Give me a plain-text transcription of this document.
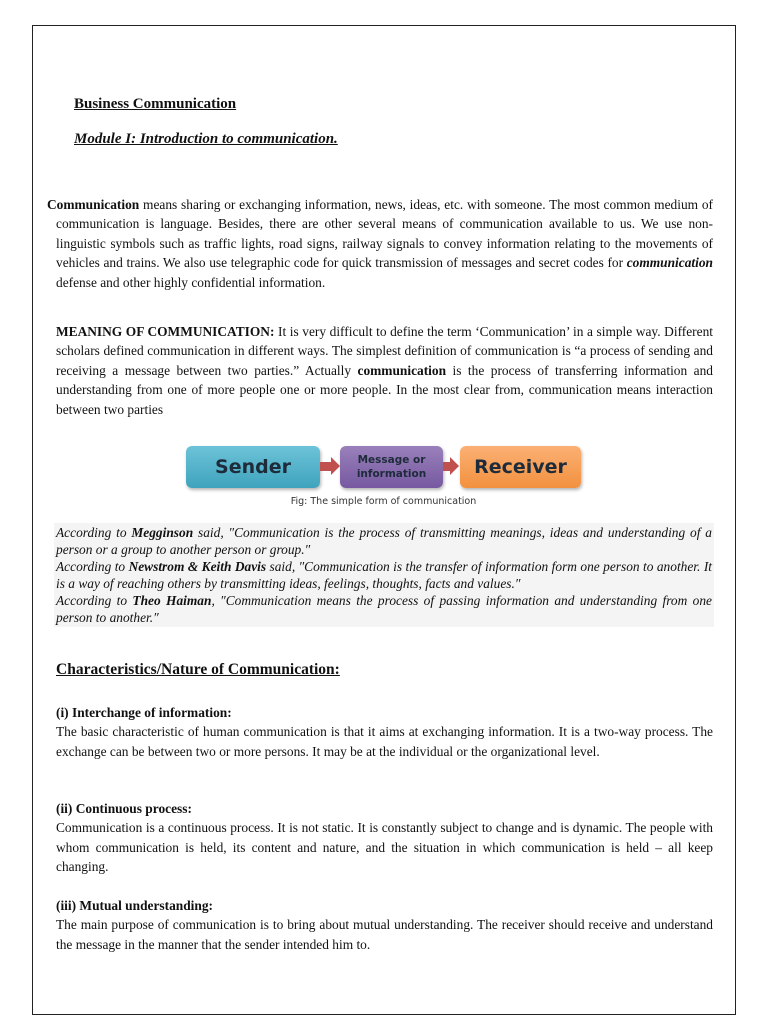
Business Communication
Module I: Introduction to communication.
Communication means sharing or exchanging information, news, ideas, etc. with someone. The most common medium of communication is language. Besides, there are other several means of communication available to us. We use non-linguistic symbols such as traffic lights, road signs, railway signals to convey information relating to the movements of vehicles and trains. We also use telegraphic code for quick transmission of messages and secret codes for communication defense and other highly confidential information.
MEANING OF COMMUNICATION: It is very difficult to define the term ‘Communication’ in a simple way. Different scholars defined communication in different ways. The simplest definition of communication is “a process of sending and receiving a message between two parties.” Actually communication is the process of transferring information and understanding from one of more people one or more people. In the most clear from, communication means interaction between two parties
Sender	Message or information	Receiver
Fig: The simple form of communication
According to Megginson said, ″Communication is the process of transmitting meanings, ideas and understanding of a person or a group to another person or group.″
According to Newstrom & Keith Davis said, ″Communication is the transfer of information form one person to another. It is a way of reaching others by transmitting ideas, feelings, thoughts, facts and values.″
According to Theo Haiman, ″Communication means the process of passing information and understanding from one person to another.″
Characteristics/Nature of Communication:
(i) Interchange of information:
The basic characteristic of human communication is that it aims at exchanging information. It is a two-way process. The exchange can be between two or more persons. It may be at the individual or the organizational level.
(ii) Continuous process:
Communication is a continuous process. It is not static. It is constantly subject to change and is dynamic. The people with whom communication is held, its content and nature, and the situation in which communication is held – all keep changing.
(iii) Mutual understanding:
The main purpose of communication is to bring about mutual understanding. The receiver should receive and understand the message in the manner that the sender intended him to.
